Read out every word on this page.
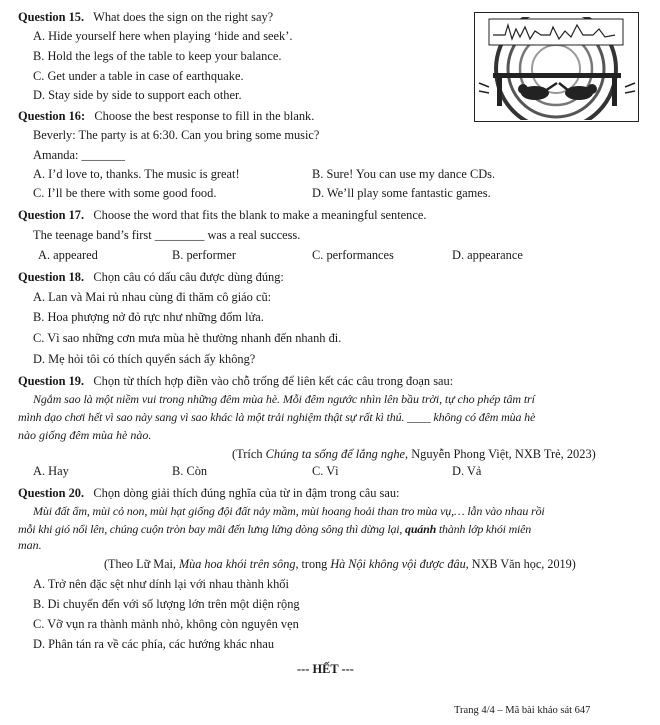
Question 15. What does the sign on the right say?
A. Hide yourself here when playing ‘hide and seek’.
B. Hold the legs of the table to keep your balance.
C. Get under a table in case of earthquake.
D. Stay side by side to support each other.
Question 16: Choose the best response to fill in the blank.
Beverly: The party is at 6:30. Can you bring some music?
Amanda: _______
A. I’d love to, thanks. The music is great!	B. Sure! You can use my dance CDs.
C. I’ll be there with some good food.	D. We’ll play some fantastic games.
Question 17. Choose the word that fits the blank to make a meaningful sentence.
The teenage band’s first ________ was a real success.
A. appeared	B. performer	C. performances	D. appearance
Question 18. Chọn câu có dấu câu được dùng đúng:
A. Lan và Mai rủ nhau cùng đi thăm cô giáo cũ:
B. Hoa phượng nở đỏ rực như những đốm lửa.
C. Vì sao những cơn mưa mùa hè thường nhanh đến nhanh đi.
D. Mẹ hỏi tôi có thích quyển sách ấy không?
Question 19. Chọn từ thích hợp điền vào chỗ trống để liên kết các câu trong đoạn sau:
Ngắm sao là một niềm vui trong những đêm mùa hè. Mỗi đêm ngước nhìn lên bầu trời, tự cho phép tâm trí
mình dạo chơi hết vì sao này sang vì sao khác là một trải nghiệm thật sự rất kì thú. ____ không có đêm mùa hè
nào giống đêm mùa hè nào.
(Trích Chúng ta sống để lắng nghe, Nguyễn Phong Việt, NXB Trẻ, 2023)
A. Hay	B. Còn	C. Vì	D. Vả
Question 20. Chọn dòng giải thích đúng nghĩa của từ in đậm trong câu sau:
Mùi đất ẩm, mùi cỏ non, mùi hạt giống đội đất nảy mầm, mùi hoang hoải than tro mùa vụ,… lẫn vào nhau rồi
mỗi khi gió nổi lên, chúng cuộn tròn bay mãi đến lưng lửng dòng sông thì dừng lại, quánh thành lớp khói miên
man.
(Theo Lữ Mai, Mùa hoa khói trên sông, trong Hà Nội không vội được đâu, NXB Văn học, 2019)
A. Trở nên đặc sệt như dính lại với nhau thành khối
B. Di chuyển đến với số lượng lớn trên một diện rộng
C. Vỡ vụn ra thành mảnh nhỏ, không còn nguyên vẹn
D. Phân tán ra về các phía, các hướng khác nhau
--- HẾT ---
Trang 4/4 – Mã bài khảo sát 647
